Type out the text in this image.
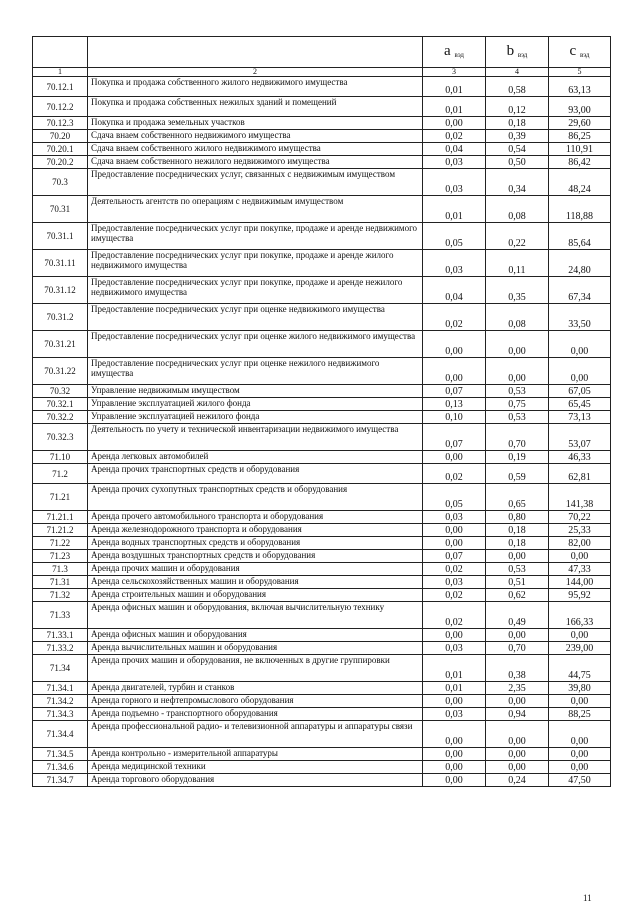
		a $_{вэд}$	b $_{вэд}$	c $_{вэд}$
1	2	3	4	5
70.12.1	Покупка и продажа собственного жилого недвижимого имущества	0,01	0,58	63,13
70.12.2	Покупка и продажа собственных нежилых зданий и помещений	0,01	0,12	93,00
70.12.3	Покупка и продажа земельных участков	0,00	0,18	29,60
70.20	Сдача внаем собственного недвижимого имущества	0,02	0,39	86,25
70.20.1	Сдача внаем собственного жилого недвижимого имущества	0,04	0,54	110,91
70.20.2	Сдача внаем собственного нежилого недвижимого имущества	0,03	0,50	86,42
70.3	Предоставление посреднических услуг, связанных с недвижимым имуществом	0,03	0,34	48,24
70.31	Деятельность агентств по операциям с недвижимым имуществом	0,01	0,08	118,88
70.31.1	Предоставление посреднических услуг при покупке, продаже и аренде недвижимого имущества	0,05	0,22	85,64
70.31.11	Предоставление посреднических услуг при покупке, продаже и аренде жилого недвижимого имущества	0,03	0,11	24,80
70.31.12	Предоставление посреднических услуг при покупке, продаже и аренде нежилого недвижимого имущества	0,04	0,35	67,34
70.31.2	Предоставление посреднических услуг при оценке недвижимого имущества	0,02	0,08	33,50
70.31.21	Предоставление посреднических услуг при оценке жилого недвижимого имущества	0,00	0,00	0,00
70.31.22	Предоставление посреднических услуг при оценке нежилого недвижимого имущества	0,00	0,00	0,00
70.32	Управление недвижимым имуществом	0,07	0,53	67,05
70.32.1	Управление эксплуатацией жилого фонда	0,13	0,75	65,45
70.32.2	Управление эксплуатацией нежилого фонда	0,10	0,53	73,13
70.32.3	Деятельность по учету и технической инвентаризации недвижимого имущества	0,07	0,70	53,07
71.10	Аренда легковых автомобилей	0,00	0,19	46,33
71.2	Аренда прочих транспортных средств и оборудования	0,02	0,59	62,81
71.21	Аренда прочих сухопутных транспортных средств и оборудования	0,05	0,65	141,38
71.21.1	Аренда прочего автомобильного транспорта и оборудования	0,03	0,80	70,22
71.21.2	Аренда железнодорожного транспорта и оборудования	0,00	0,18	25,33
71.22	Аренда водных транспортных средств и оборудования	0,00	0,18	82,00
71.23	Аренда воздушных транспортных средств и оборудования	0,07	0,00	0,00
71.3	Аренда прочих машин и оборудования	0,02	0,53	47,33
71.31	Аренда сельскохозяйственных машин и оборудования	0,03	0,51	144,00
71.32	Аренда строительных машин и оборудования	0,02	0,62	95,92
71.33	Аренда офисных машин и оборудования, включая вычислительную технику	0,02	0,49	166,33
71.33.1	Аренда офисных машин и оборудования	0,00	0,00	0,00
71.33.2	Аренда вычислительных машин и оборудования	0,03	0,70	239,00
71.34	Аренда прочих машин и оборудования, не включенных в другие группировки	0,01	0,38	44,75
71.34.1	Аренда двигателей, турбин и станков	0,01	2,35	39,80
71.34.2	Аренда горного и нефтепромыслового оборудования	0,00	0,00	0,00
71.34.3	Аренда подъемно - транспортного оборудования	0,03	0,94	88,25
71.34.4	Аренда профессиональной радио- и телевизионной аппаратуры и аппаратуры связи	0,00	0,00	0,00
71.34.5	Аренда контрольно - измерительной аппаратуры	0,00	0,00	0,00
71.34.6	Аренда медицинской техники	0,00	0,00	0,00
71.34.7	Аренда торгового оборудования	0,00	0,24	47,50
11
